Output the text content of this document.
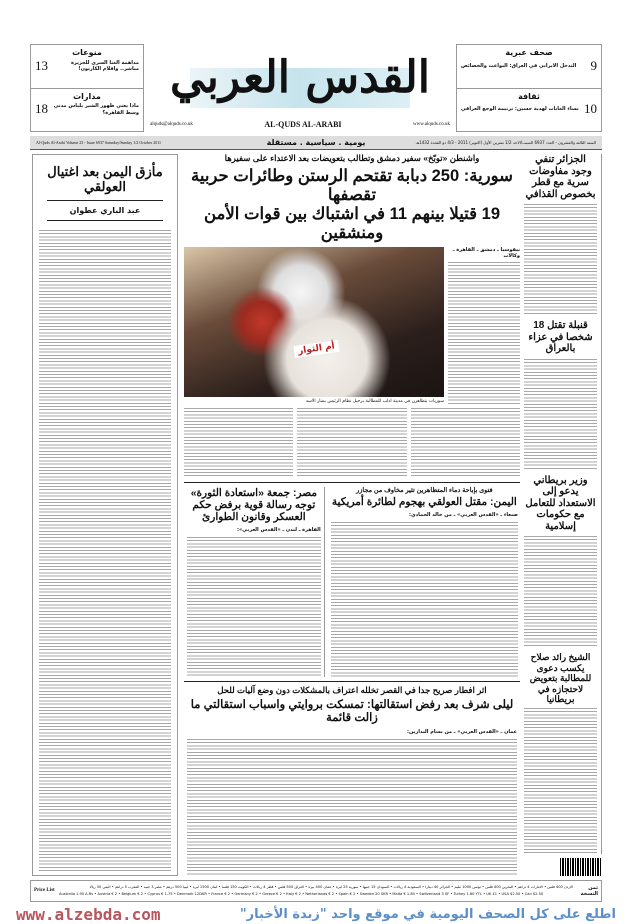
منوعات
مداهمة الغنا السري للجزيرة مباشر.. وافلام الكارتون!
13
مدارات
ماذا يعني ظهور الشير بلباس مدني وسط القاهرة؟
18
القدس العربي
alquds@alquds.co.uk	AL-QUDS AL-ARABI	www.alquds.co.uk
صحف عبرية
التدخل الايراني في العراق: البواعث والخصائص 9
ثقافة
نساء الغابات لهدية حسين: ترنيمة الوجع العراقي 10
السنة الثالثة والعشرون - العدد 6937 السبت/الاحد 1/2 تشرين الأول (اكتوبر) 2011 - 4/3 ذو القعدة 1432هـ
يومية . سياسية . مستقلة
Al-Quds Al-Arabi Volume 23 - Issue 6937 Saturday/Sunday 1/2 October 2011
مأزق اليمن بعد اغتيال العولقي
عبد الباري عطوان
واشنطن «توبّخ» سفير دمشق وتطالب بتعويضات بعد الاعتداء على سفيرها
سورية: 250 دبابة تقتحم الرستن وطائرات حربية تقصفها
19 قتيلا بينهم 11 في اشتباك بين قوات الأمن ومنشقين
نيقوسيا ـ دمشق ـ القاهرة ـ وكالات
أم الثوار
سوريات يتظاهرن في مدينة ادلب للمطالبة برحيل نظام الرئيس بشار الاسد
فتوى بإباحة دماء المتظاهرين تثير مخاوف من مجازر
اليمن: مقتل العولقي بهجوم لطائرة أمريكية
صنعاء ـ «القدس العربي» ـ من خالد الحمادي:
مصر: جمعة «استعادة الثورة» توجه رسالة قوية برفض حكم العسكر وقانون الطوارئ
القاهرة ـ لندن ـ «القدس العربي»:
اثر افطار صريح جدا في القصر تخلله اعتراف بالمشكلات دون وضع آليات للحل
ليلى شرف بعد رفض استقالتها: تمسكت بروايتي واسباب استقالتي ما زالت قائمة
عمان ـ «القدس العربي» ـ من بسام البدارين:
الجزائر تنفي وجود مفاوضات سرية مع قطر بخصوص القذافي
قنبلة تقتل 18 شخصا في عزاء بالعراق
وزير بريطاني يدعو إلى الاستعداد للتعامل مع حكومات إسلامية
الشيخ رائد صلاح يكسب دعوى للمطالبة بتعويض لاحتجازه في بريطانيا
ثمن النسخة
الاردن 400 فلس • الامارات 4 دراهم • البحرين 400 فلس • تونس 1000 مليم • الجزائر 40 دينارا • السعودية 4 ريالات • السودان 15 جنيها • سورية 25 ليرة • عمان 400 بيزة • العراق 500 فلس • قطر 4 ريالات • الكويت 150 فلسا • لبنان 1500 ليرة • ليبيا 500 درهم • مصر 3 جنيه • المغرب 5 دراهم • اليمن 50 ريالا
Australia 1.90 A.Rs • Austria € 2 • Belgium € 2 • Cyprus € 1.75 • Denmark 12DKR • France € 2 • Germany € 2 • Greece € 2 • Italy € 2 • Netherlands € 2 • Spain € 2 • Sweden 20 SKR • Malta € 1.80 • Switzerland 3 SF • Turkey 1.60 YTL • UK £1 • USA $2.50 • Can $2.50
Price List
اطلع على كل الصحف اليومية في موقع واحد "زبدة الأخبار"
www.alzebda.com
